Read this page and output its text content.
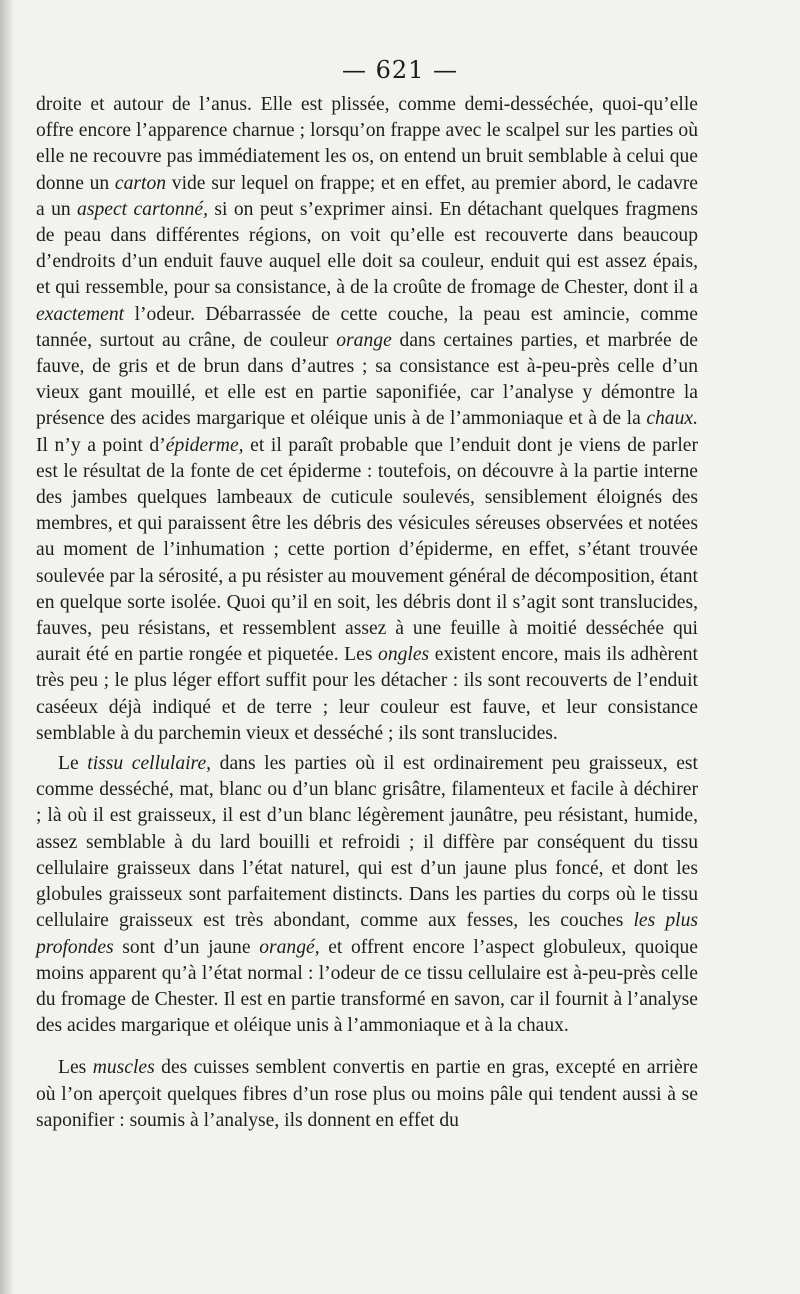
— 621 —

droite et autour de l’anus. Elle est plissée, comme demi-desséchée, quoi-qu’elle offre encore l’apparence charnue ; lorsqu’on frappe avec le scalpel sur les parties où elle ne recouvre pas immédiatement les os, on entend un bruit semblable à celui que donne un carton vide sur lequel on frappe; et en effet, au premier abord, le cadavre a un aspect cartonné, si on peut s’exprimer ainsi. En détachant quelques fragmens de peau dans différentes régions, on voit qu’elle est recouverte dans beaucoup d’endroits d’un enduit fauve auquel elle doit sa couleur, enduit qui est assez épais, et qui ressemble, pour sa consistance, à de la croûte de fromage de Chester, dont il a exactement l’odeur. Débarrassée de cette couche, la peau est amincie, comme tannée, surtout au crâne, de couleur orange dans certaines parties, et marbrée de fauve, de gris et de brun dans d’autres ; sa consistance est à-peu-près celle d’un vieux gant mouillé, et elle est en partie saponifiée, car l’analyse y démontre la présence des acides margarique et oléique unis à de l’ammoniaque et à de la chaux. Il n’y a point d’épiderme, et il paraît probable que l’enduit dont je viens de parler est le résultat de la fonte de cet épiderme : toutefois, on découvre à la partie interne des jambes quelques lambeaux de cuticule soulevés, sensiblement éloignés des membres, et qui paraissent être les débris des vésicules séreuses observées et notées au moment de l’inhumation ; cette portion d’épiderme, en effet, s’étant trouvée soulevée par la sérosité, a pu résister au mouvement général de décomposition, étant en quelque sorte isolée. Quoi qu’il en soit, les débris dont il s’agit sont translucides, fauves, peu résistans, et ressemblent assez à une feuille à moitié desséchée qui aurait été en partie rongée et piquetée. Les ongles existent encore, mais ils adhèrent très peu ; le plus léger effort suffit pour les détacher : ils sont recouverts de l’enduit caséeux déjà indiqué et de terre ; leur couleur est fauve, et leur consistance semblable à du parchemin vieux et desséché ; ils sont translucides.

Le tissu cellulaire, dans les parties où il est ordinairement peu graisseux, est comme desséché, mat, blanc ou d’un blanc grisâtre, filamenteux et facile à déchirer ; là où il est graisseux, il est d’un blanc légèrement jaunâtre, peu résistant, humide, assez semblable à du lard bouilli et refroidi ; il diffère par conséquent du tissu cellulaire graisseux dans l’état naturel, qui est d’un jaune plus foncé, et dont les globules graisseux sont parfaitement distincts. Dans les parties du corps où le tissu cellulaire graisseux est très abondant, comme aux fesses, les couches les plus profondes sont d’un jaune orangé, et offrent encore l’aspect globuleux, quoique moins apparent qu’à l’état normal : l’odeur de ce tissu cellulaire est à-peu-près celle du fromage de Chester. Il est en partie transformé en savon, car il fournit à l’analyse des acides margarique et oléique unis à l’ammoniaque et à la chaux.

Les muscles des cuisses semblent convertis en partie en gras, excepté en arrière où l’on aperçoit quelques fibres d’un rose plus ou moins pâle qui tendent aussi à se saponifier : soumis à l’analyse, ils donnent en effet du
